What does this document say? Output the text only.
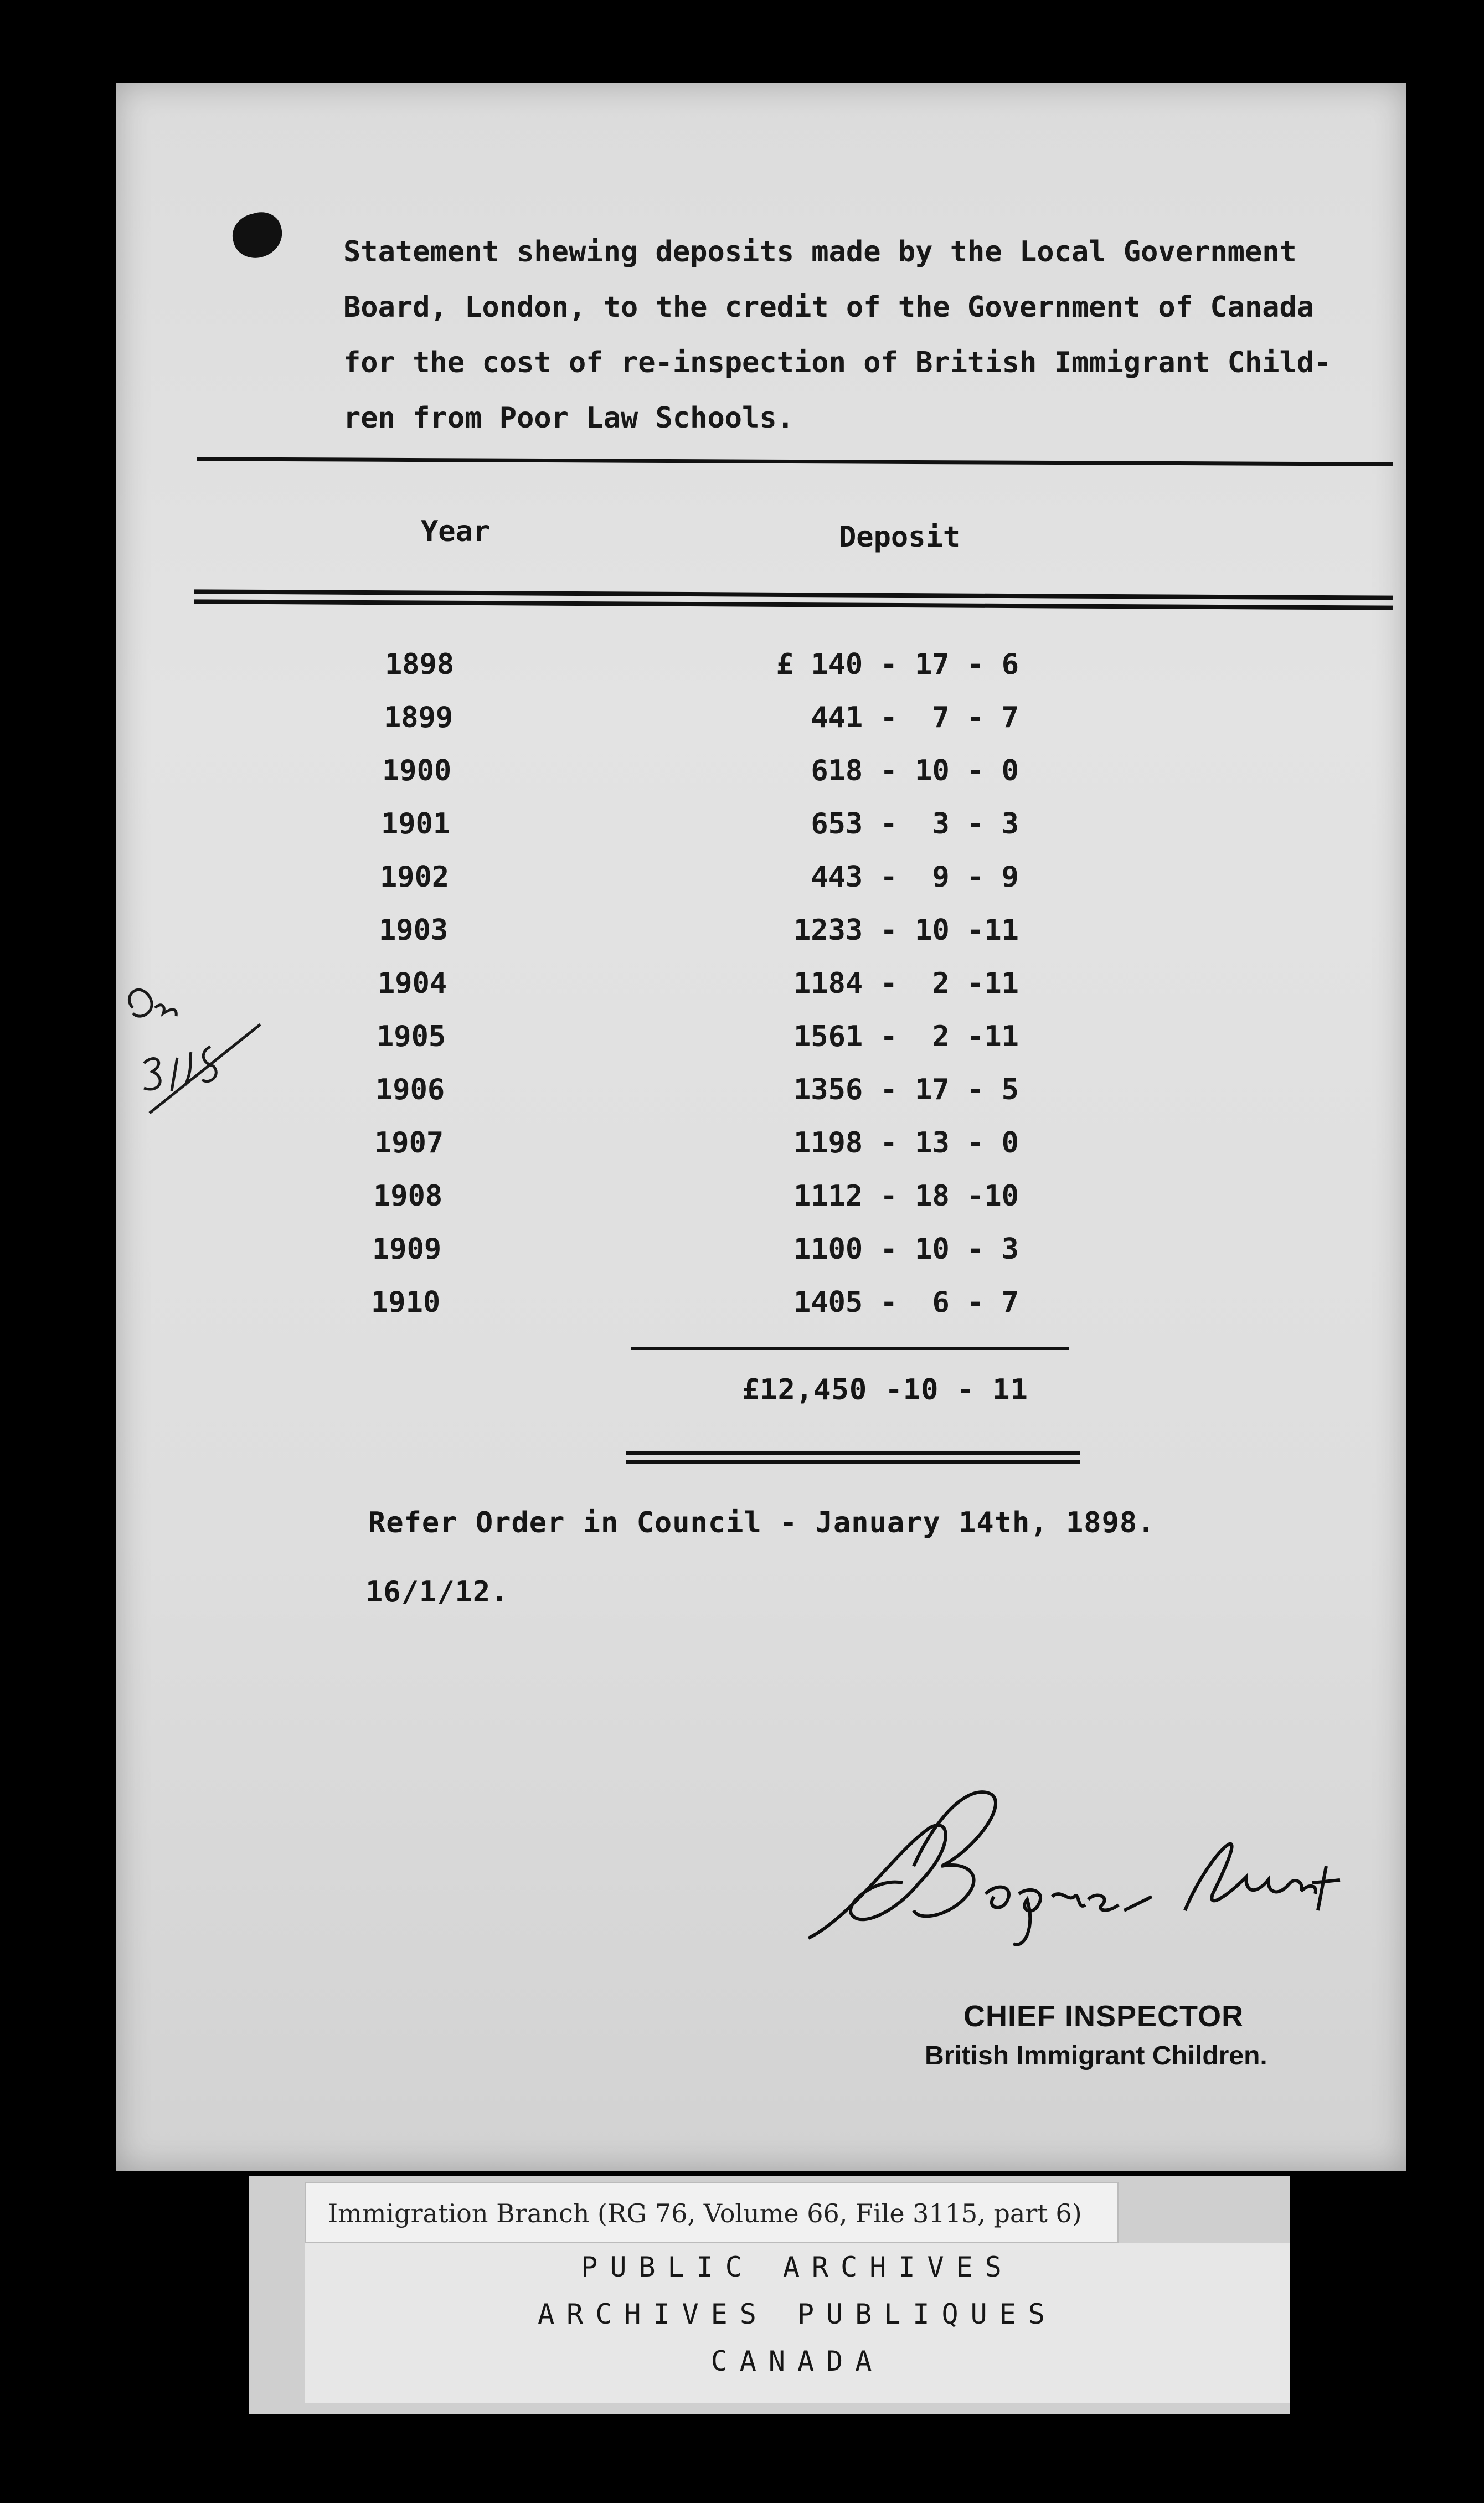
Statement shewing deposits made by the Local Government
Board, London, to the credit of the Government of Canada
for the cost of re-inspection of British Immigrant Child-
ren from Poor Law Schools.
Year	Deposit
1898	£ 140 - 17 - 6
1899	441 -  7 - 7
1900	618 - 10 - 0
1901	653 -  3 - 3
1902	443 -  9 - 9
1903	1233 - 10 -11
1904	1184 -  2 -11
1905	1561 -  2 -11
1906	1356 - 17 - 5
1907	1198 - 13 - 0
1908	1112 - 18 -10
1909	1100 - 10 - 3
1910	1405 -  6 - 7
£12,450 -10 - 11
Refer Order in Council - January 14th, 1898.
16/1/12.
CHIEF INSPECTOR
British Immigrant Children.
Immigration Branch (RG 76, Volume 66, File 3115, part 6)
PUBLIC ARCHIVES
ARCHIVES PUBLIQUES
CANADA
